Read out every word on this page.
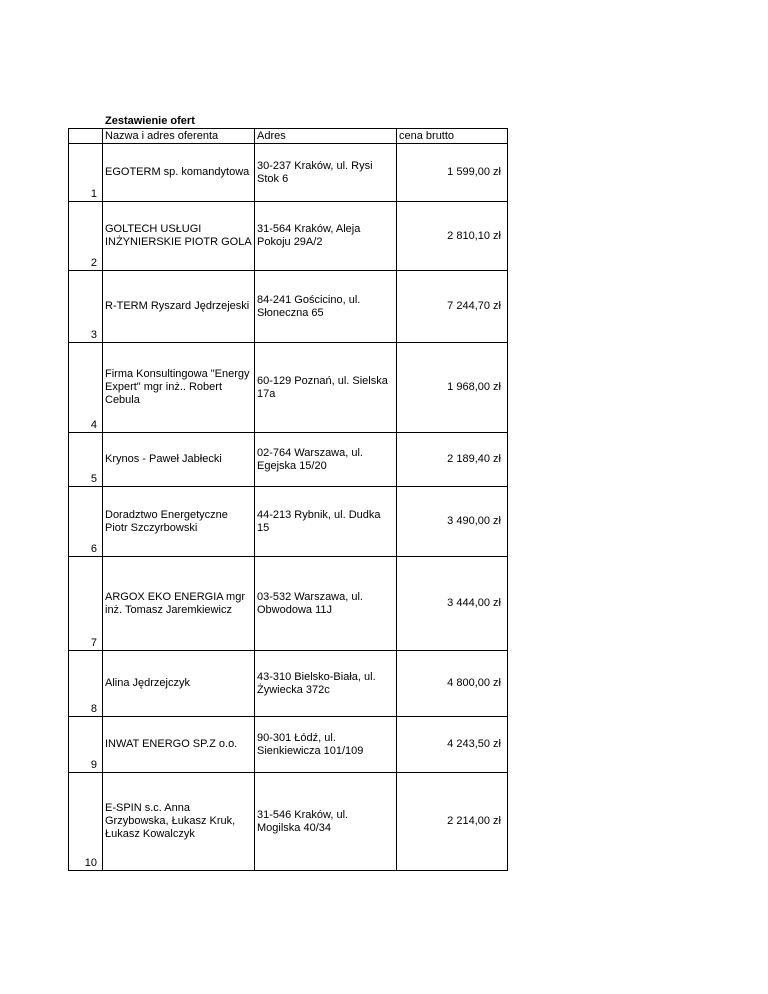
Zestawienie ofert
	Nazwa i adres oferenta	Adres	cena brutto
1	EGOTERM sp. komandytowa	30-237 Kraków, ul. Rysi Stok 6	1 599,00 zł
2	GOLTECH USŁUGI INŻYNIERSKIE PIOTR GOLA	31-564 Kraków, Aleja Pokoju 29A/2	2 810,10 zł
3	R-TERM Ryszard Jędrzejeski	84-241 Gościcino, ul. Słoneczna 65	7 244,70 zł
4	Firma Konsultingowa "Energy Expert" mgr inż.. Robert Cebula	60-129 Poznań, ul. Sielska 17a	1 968,00 zł
5	Krynos - Paweł Jabłecki	02-764 Warszawa, ul. Egejska 15/20	2 189,40 zł
6	Doradztwo Energetyczne Piotr Szczyrbowski	44-213 Rybnik, ul. Dudka 15	3 490,00 zł
7	ARGOX EKO ENERGIA mgr inż. Tomasz Jaremkiewicz	03-532 Warszawa, ul. Obwodowa 11J	3 444,00 zł
8	Alina Jędrzejczyk	43-310 Bielsko-Biała, ul. Żywiecka 372c	4 800,00 zł
9	INWAT ENERGO SP.Z o.o.	90-301 Łódź, ul. Sienkiewicza 101/109	4 243,50 zł
10	E-SPIN s.c. Anna Grzybowska, Łukasz Kruk, Łukasz Kowalczyk	31-546 Kraków, ul. Mogilska 40/34	2 214,00 zł
